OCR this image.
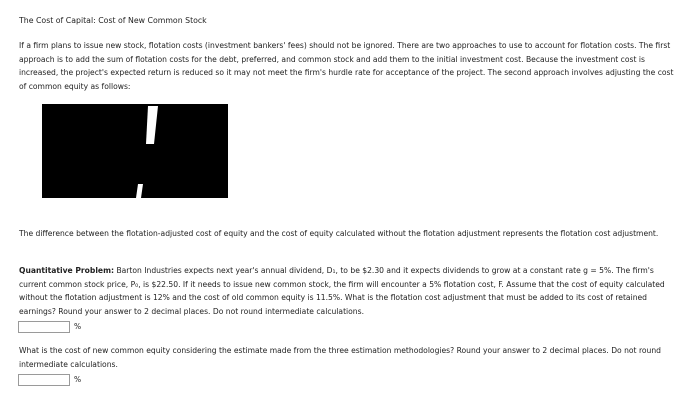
The Cost of Capital: Cost of New Common Stock

If a firm plans to issue new stock, flotation costs (investment bankers' fees) should not be ignored. There are two approaches to use to account for flotation costs. The first approach is to add the sum of flotation costs for the debt, preferred, and common stock and add them to the initial investment cost. Because the investment cost is increased, the project's expected return is reduced so it may not meet the firm's hurdle rate for acceptance of the project. The second approach involves adjusting the cost of common equity as follows:

The difference between the flotation-adjusted cost of equity and the cost of equity calculated without the flotation adjustment represents the flotation cost adjustment.

Quantitative Problem: Barton Industries expects next year's annual dividend, D₁, to be $2.30 and it expects dividends to grow at a constant rate g = 5%. The firm's current common stock price, P₀, is $22.50. If it needs to issue new common stock, the firm will encounter a 5% flotation cost, F. Assume that the cost of equity calculated without the flotation adjustment is 12% and the cost of old common equity is 11.5%. What is the flotation cost adjustment that must be added to its cost of retained earnings? Round your answer to 2 decimal places. Do not round intermediate calculations.

%

What is the cost of new common equity considering the estimate made from the three estimation methodologies? Round your answer to 2 decimal places. Do not round intermediate calculations.

%
